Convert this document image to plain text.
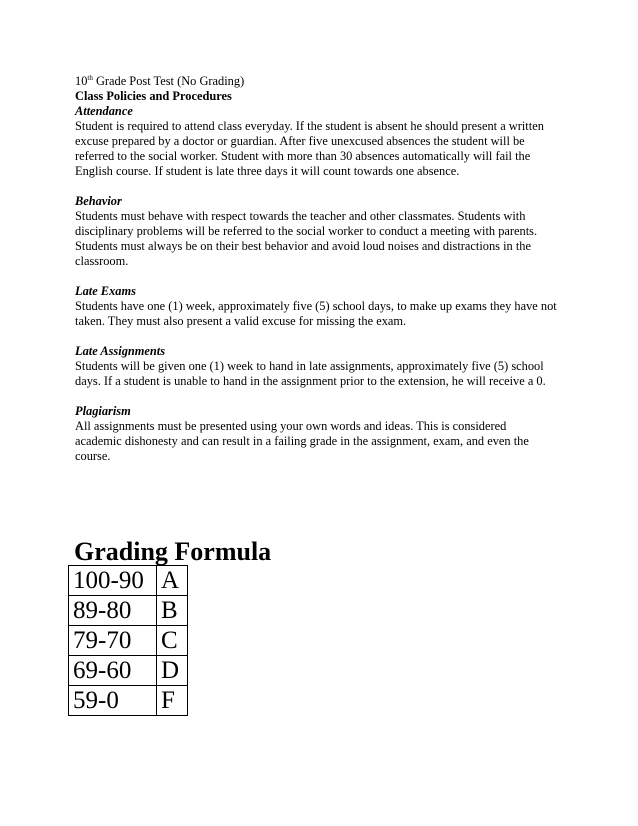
10th Grade Post Test (No Grading)
Class Policies and Procedures
Attendance
Student is required to attend class everyday. If the student is absent he should present a written
excuse prepared by a doctor or guardian. After five unexcused absences the student will be
referred to the social worker. Student with more than 30 absences automatically will fail the
English course. If student is late three days it will count towards one absence.
Behavior
Students must behave with respect towards the teacher and other classmates. Students with
disciplinary problems will be referred to the social worker to conduct a meeting with parents.
Students must always be on their best behavior and avoid loud noises and distractions in the
classroom.
Late Exams
Students have one (1) week, approximately five (5) school days, to make up exams they have not
taken. They must also present a valid excuse for missing the exam.
Late Assignments
Students will be given one (1) week to hand in late assignments, approximately five (5) school
days. If a student is unable to hand in the assignment prior to the extension, he will receive a 0.
Plagiarism
All assignments must be presented using your own words and ideas. This is considered
academic dishonesty and can result in a failing grade in the assignment, exam, and even the
course.
Grading Formula
100-90	A
89-80	B
79-70	C
69-60	D
59-0	F
